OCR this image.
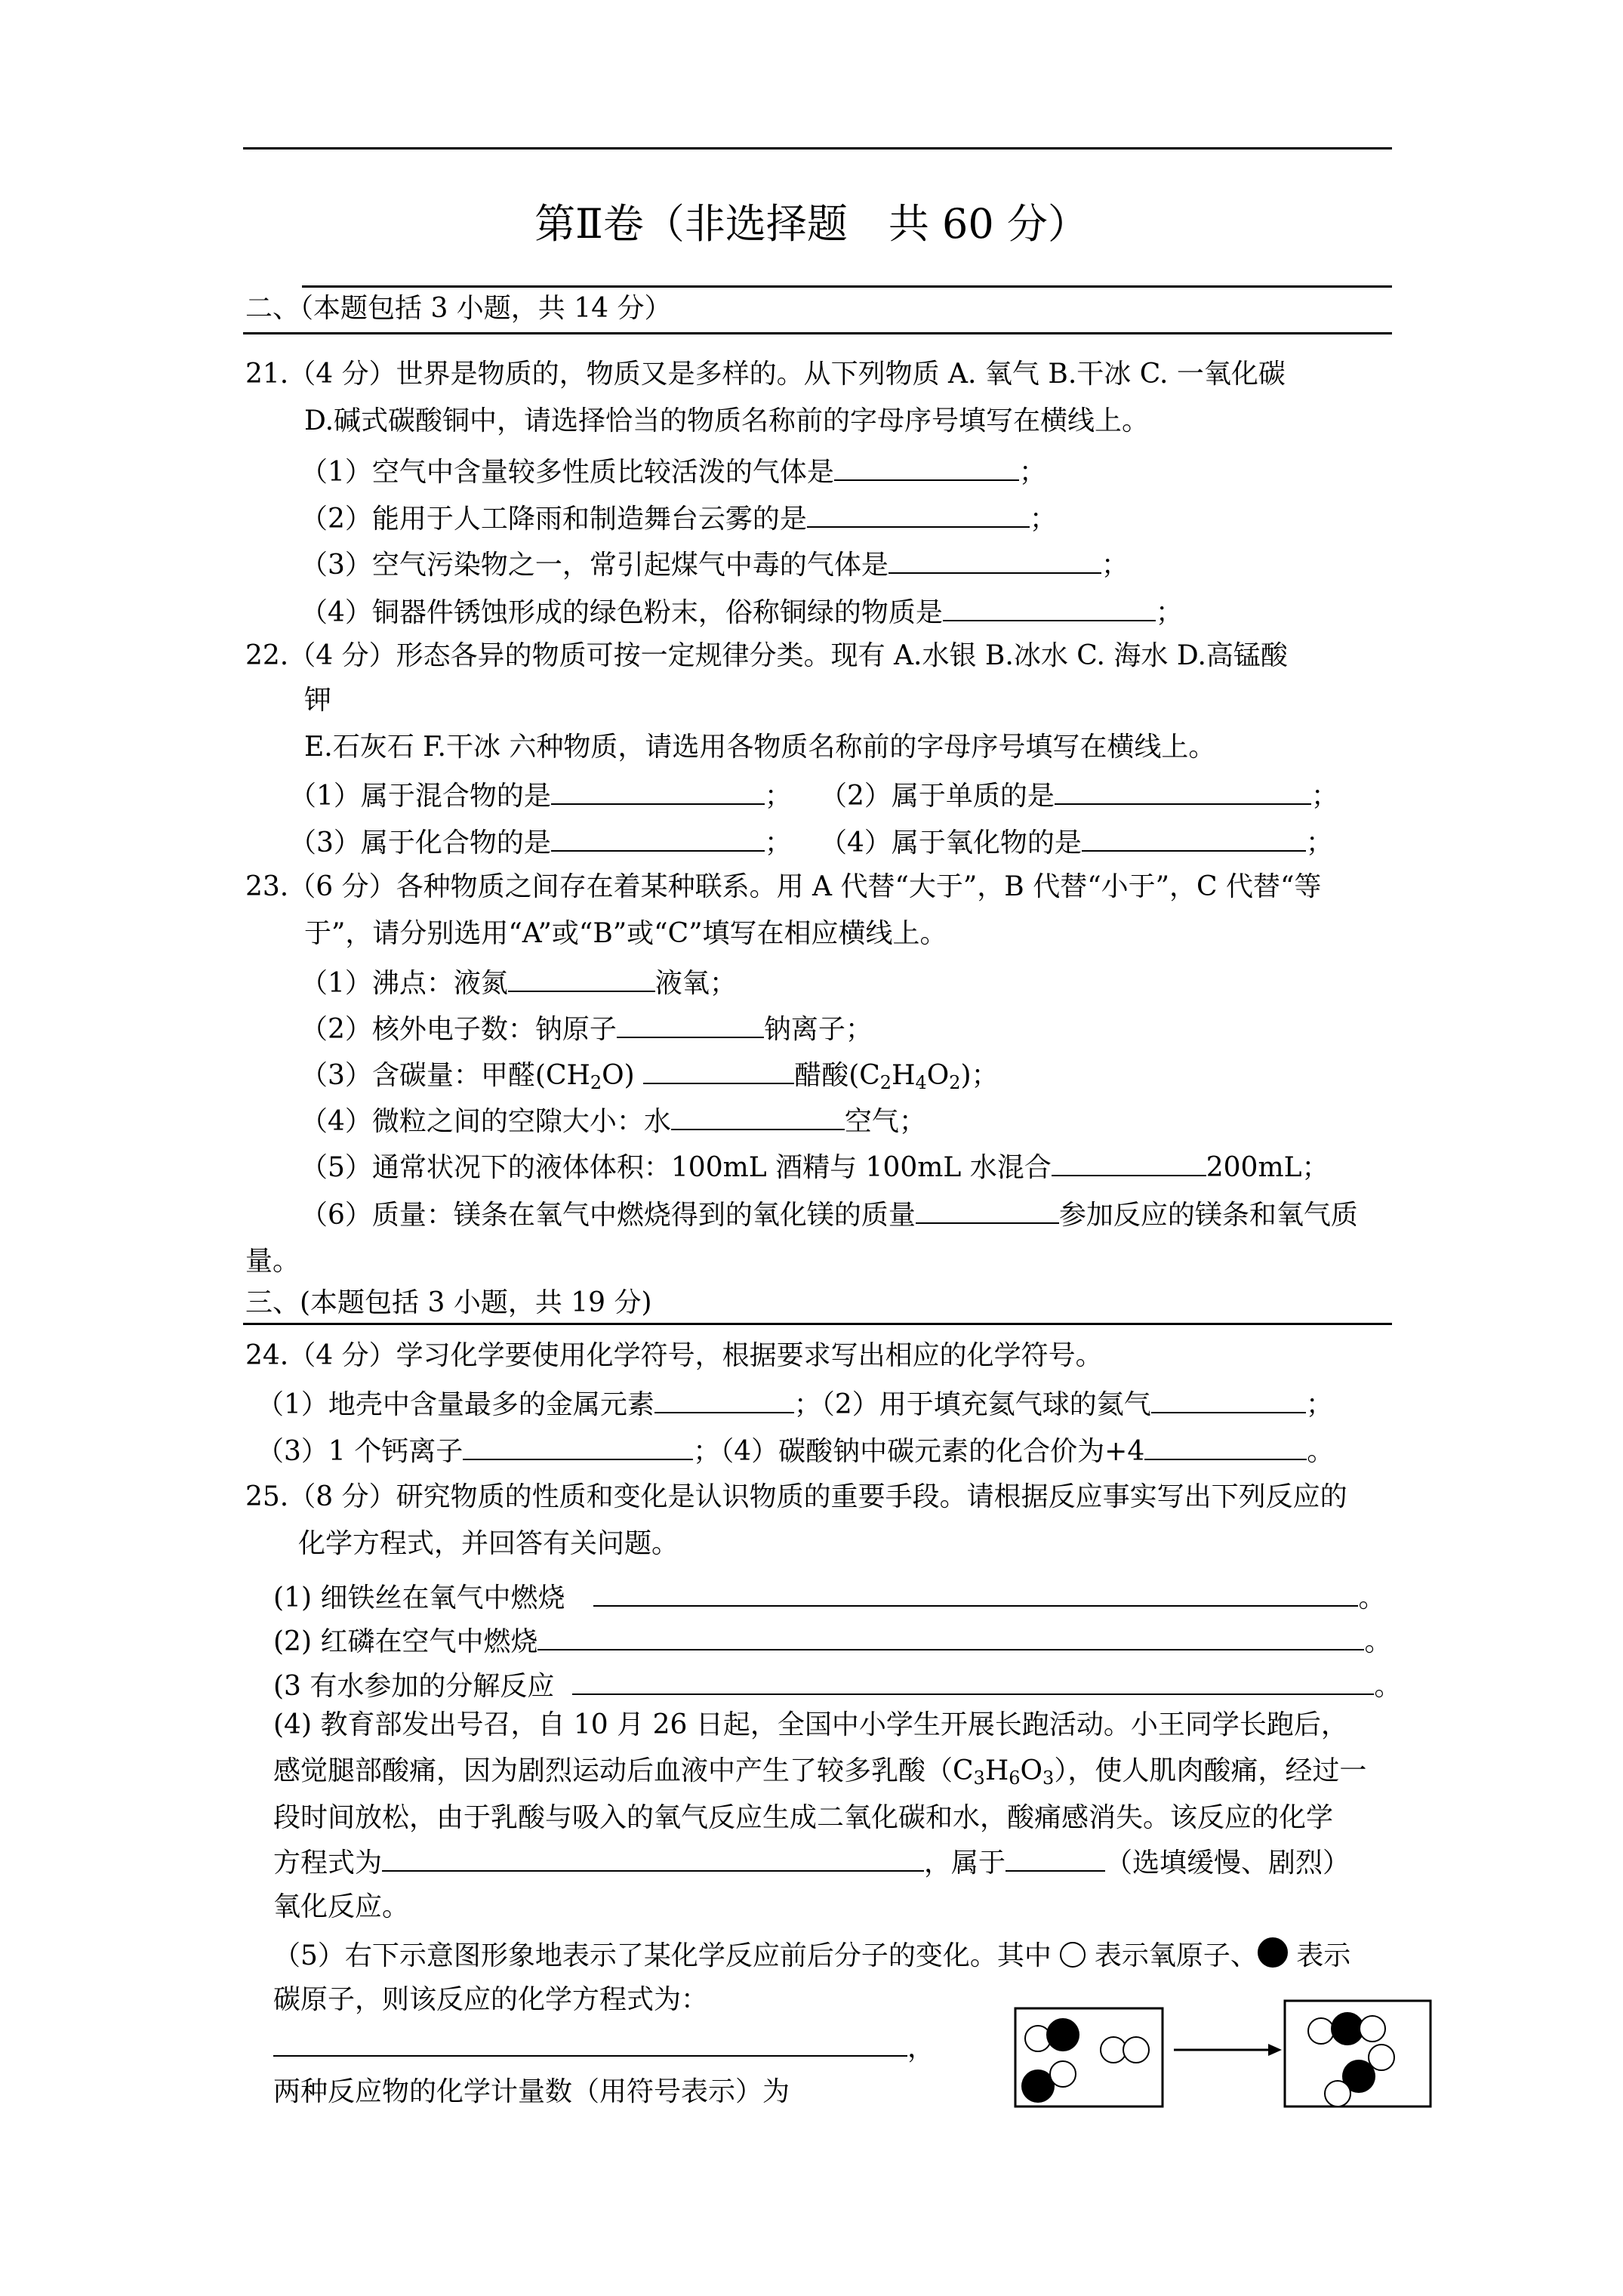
第Ⅱ卷（非选择题　共 60 分）
二、（本题包括 3 小题，共 14 分）
21.（4 分）世界是物质的，物质又是多样的。从下列物质 A. 氧气 B.干冰 C. 一氧化碳
D.碱式碳酸铜中，请选择恰当的物质名称前的字母序号填写在横线上。
（1）空气中含量较多性质比较活泼的气体是	；
（2）能用于人工降雨和制造舞台云雾的是	；
（3）空气污染物之一，常引起煤气中毒的气体是	；
（4）铜器件锈蚀形成的绿色粉末，俗称铜绿的物质是	；
22.（4 分）形态各异的物质可按一定规律分类。现有 A.水银 B.冰水 C. 海水 D.高锰酸
钾
E.石灰石 F.干冰 六种物质，请选用各物质名称前的字母序号填写在横线上。
（1）属于混合物的是	； （2）属于单质的是	；
（3）属于化合物的是	； （4）属于氧化物的是	；
23.（6 分）各种物质之间存在着某种联系。用 A 代替“大于”，B 代替“小于”，C 代替“等
于”，请分别选用“A”或“B”或“C”填写在相应横线上。
（1）沸点：液氮	液氧；
（2）核外电子数：钠原子	钠离子；
（3）含碳量：甲醛$(CH_2O)$	醋酸$(C_2H_4O_2)$；
（4）微粒之间的空隙大小：水	空气；
（5）通常状况下的液体体积：100mL 酒精与 100mL 水混合	200mL；
（6）质量：镁条在氧气中燃烧得到的氧化镁的质量	参加反应的镁条和氧气质
量。
三、(本题包括 3 小题，共 19 分)
24.（4 分）学习化学要使用化学符号，根据要求写出相应的化学符号。
（1）地壳中含量最多的金属元素	；（2）用于填充氦气球的氦气	；
（3）1 个钙离子	；（4）碳酸钠中碳元素的化合价为+4	。
25.（8 分）研究物质的性质和变化是认识物质的重要手段。请根据反应事实写出下列反应的
化学方程式，并回答有关问题。
(1) 细铁丝在氧气中燃烧	。
(2) 红磷在空气中燃烧	。
(3 有水参加的分解反应	。
(4) 教育部发出号召，自 10 月 26 日起，全国中小学生开展长跑活动。小王同学长跑后，
感觉腿部酸痛，因为剧烈运动后血液中产生了较多乳酸$(C_3H_6O_3)$，使人肌肉酸痛，经过一
段时间放松，由于乳酸与吸入的氧气反应生成二氧化碳和水，酸痛感消失。该反应的化学
方程式为	，属于	（选填缓慢、剧烈）
氧化反应。
（5）右下示意图形象地表示了某化学反应前后分子的变化。其中 表示氧原子、 表示
碳原子，则该反应的化学方程式为：
，
两种反应物的化学计量数（用符号表示）为
